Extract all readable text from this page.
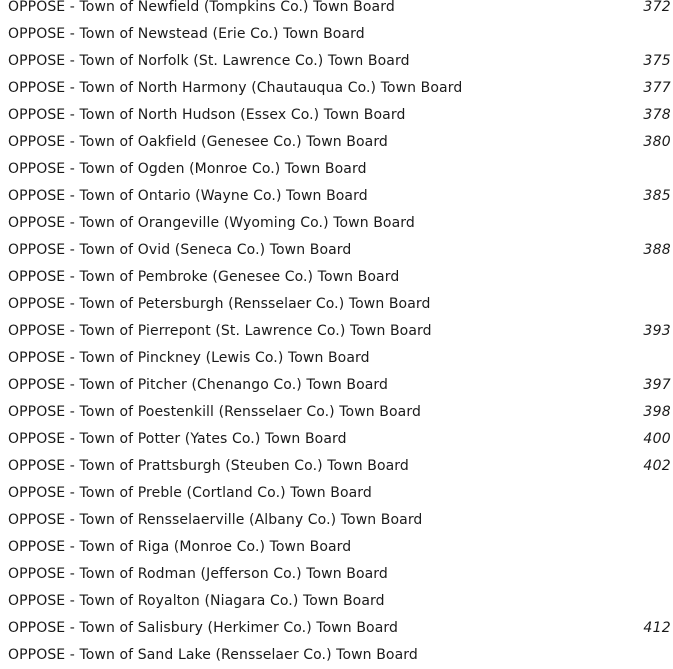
OPPOSE - Town of Newfield (Tompkins Co.) Town Board	372
OPPOSE - Town of Newstead (Erie Co.) Town Board
OPPOSE - Town of Norfolk (St. Lawrence Co.) Town Board	375
OPPOSE - Town of North Harmony (Chautauqua Co.) Town Board	377
OPPOSE - Town of North Hudson (Essex Co.) Town Board	378
OPPOSE - Town of Oakfield (Genesee Co.) Town Board	380
OPPOSE - Town of Ogden (Monroe Co.) Town Board
OPPOSE - Town of Ontario (Wayne Co.) Town Board	385
OPPOSE - Town of Orangeville (Wyoming Co.) Town Board
OPPOSE - Town of Ovid (Seneca Co.) Town Board	388
OPPOSE - Town of Pembroke (Genesee Co.) Town Board
OPPOSE - Town of Petersburgh (Rensselaer Co.) Town Board
OPPOSE - Town of Pierrepont (St. Lawrence Co.) Town Board	393
OPPOSE - Town of Pinckney (Lewis Co.) Town Board
OPPOSE - Town of Pitcher (Chenango Co.) Town Board	397
OPPOSE - Town of Poestenkill (Rensselaer Co.) Town Board	398
OPPOSE - Town of Potter (Yates Co.) Town Board	400
OPPOSE - Town of Prattsburgh (Steuben Co.) Town Board	402
OPPOSE - Town of Preble (Cortland Co.) Town Board
OPPOSE - Town of Rensselaerville (Albany Co.) Town Board
OPPOSE - Town of Riga (Monroe Co.) Town Board
OPPOSE - Town of Rodman (Jefferson Co.) Town Board
OPPOSE - Town of Royalton (Niagara Co.) Town Board
OPPOSE - Town of Salisbury (Herkimer Co.) Town Board	412
OPPOSE - Town of Sand Lake (Rensselaer Co.) Town Board
